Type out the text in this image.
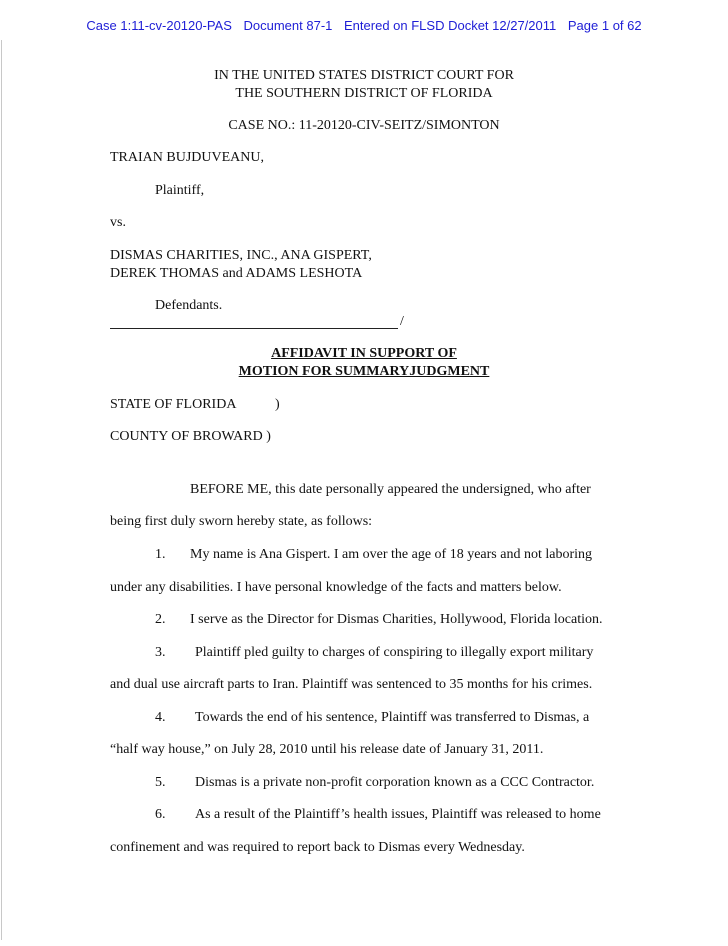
Case 1:11-cv-20120-PAS Document 87-1 Entered on FLSD Docket 12/27/2011 Page 1 of 62
IN THE UNITED STATES DISTRICT COURT FOR
THE SOUTHERN DISTRICT OF FLORIDA
CASE NO.: 11-20120-CIV-SEITZ/SIMONTON
TRAIAN BUJDUVEANU,
Plaintiff,
vs.
DISMAS CHARITIES, INC., ANA GISPERT,
DEREK THOMAS and ADAMS LESHOTA
Defendants.
/
AFFIDAVIT IN SUPPORT OF
MOTION FOR SUMMARYJUDGMENT
STATE OF FLORIDA	)
COUNTY OF BROWARD )
BEFORE ME, this date personally appeared the undersigned, who after
being first duly sworn hereby state, as follows:
1. My name is Ana Gispert. I am over the age of 18 years and not laboring
under any disabilities. I have personal knowledge of the facts and matters below.
2. I serve as the Director for Dismas Charities, Hollywood, Florida location.
3. Plaintiff pled guilty to charges of conspiring to illegally export military
and dual use aircraft parts to Iran. Plaintiff was sentenced to 35 months for his crimes.
4. Towards the end of his sentence, Plaintiff was transferred to Dismas, a
“half way house,” on July 28, 2010 until his release date of January 31, 2011.
5. Dismas is a private non-profit corporation known as a CCC Contractor.
6. As a result of the Plaintiff’s health issues, Plaintiff was released to home
confinement and was required to report back to Dismas every Wednesday.
